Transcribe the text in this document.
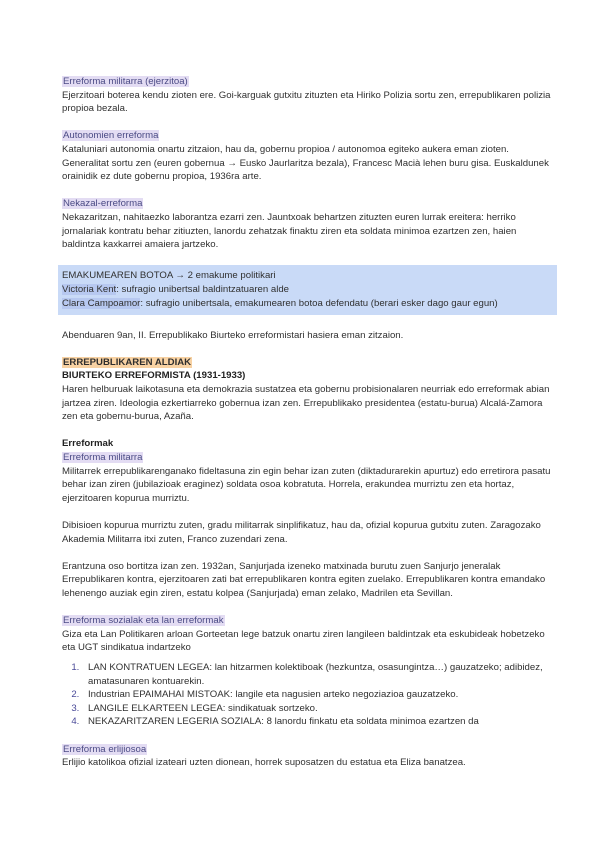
Erreforma militarra (ejerzitoa)

Ejerzitoari boterea kendu zioten ere. Goi-karguak gutxitu zituzten eta Hiriko Polizia sortu zen, errepublikaren polizia propioa bezala.

Autonomien erreforma

Kataluniari autonomia onartu zitzaion, hau da, gobernu propioa / autonomoa egiteko aukera eman zioten. Generalitat sortu zen (euren gobernua → Eusko Jaurlaritza bezala), Francesc Macià lehen buru gisa. Euskaldunek orainidik ez dute gobernu propioa, 1936ra arte.

Nekazal-erreforma

Nekazaritzan, nahitaezko laborantza ezarri zen. Jauntxoak behartzen zituzten euren lurrak ereitera: herriko jornalariak kontratu behar zitiuzten, lanordu zehatzak finaktu ziren eta soldata minimoa ezartzen zen, haien baldintza kaxkarrei amaiera jartzeko.

EMAKUMEAREN BOTOA → 2 emakume politikari

Victoria Kent: sufragio unibertsal baldintzatuaren alde

Clara Campoamor: sufragio unibertsala, emakumearen botoa defendatu (berari esker dago gaur egun)

Abenduaren 9an, II. Errepublikako Biurteko erreformistari hasiera eman zitzaion.

ERREPUBLIKAREN ALDIAK

BIURTEKO ERREFORMISTA (1931-1933)

Haren helburuak laikotasuna eta demokrazia sustatzea eta gobernu probisionalaren neurriak edo erreformak abian jartzea ziren. Ideologia ezkertiarreko gobernua izan zen. Errepublikako presidentea (estatu-burua) Alcalá-Zamora zen eta gobernu-burua, Azaña.

Erreformak

Erreforma militarra

Militarrek errepublikarenganako fideltasuna zin egin behar izan zuten (diktadurarekin apurtuz) edo erretirora pasatu behar izan ziren (jubilazioak eraginez) soldata osoa kobratuta. Horrela, erakundea murriztu zen eta hortaz, ejerzitoaren kopurua murriztu.

Dibisioen kopurua murriztu zuten, gradu militarrak sinplifikatuz, hau da, ofizial kopurua gutxitu zuten. Zaragozako Akademia Militarra itxi zuten, Franco zuzendari zena.

Erantzuna oso bortitza izan zen. 1932an, Sanjurjada izeneko matxinada burutu zuen Sanjurjo jeneralak Errepublikaren kontra, ejerzitoaren zati bat errepublikaren kontra egiten zuelako. Errepublikaren kontra emandako lehenengo auziak egin ziren, estatu kolpea (Sanjurjada) eman zelako, Madrilen eta Sevillan.

Erreforma sozialak eta lan erreformak

Giza eta Lan Politikaren arloan Gorteetan lege batzuk onartu ziren langileen baldintzak eta eskubideak hobetzeko eta UGT sindikatua indartzeko

1. LAN KONTRATUEN LEGEA: lan hitzarmen kolektiboak (hezkuntza, osasungintza…) gauzatzeko; adibidez, amatasunaren kontuarekin.
2. Industrian EPAIMAHAI MISTOAK: langile eta nagusien arteko negoziazioa gauzatzeko.
3. LANGILE ELKARTEEN LEGEA: sindikatuak sortzeko.
4. NEKAZARITZAREN LEGERIA SOZIALA: 8 lanordu finkatu eta soldata minimoa ezartzen da

Erreforma erlijiosoa

Erlijio katolikoa ofizial izateari uzten dionean, horrek suposatzen du estatua eta Eliza banatzea.
